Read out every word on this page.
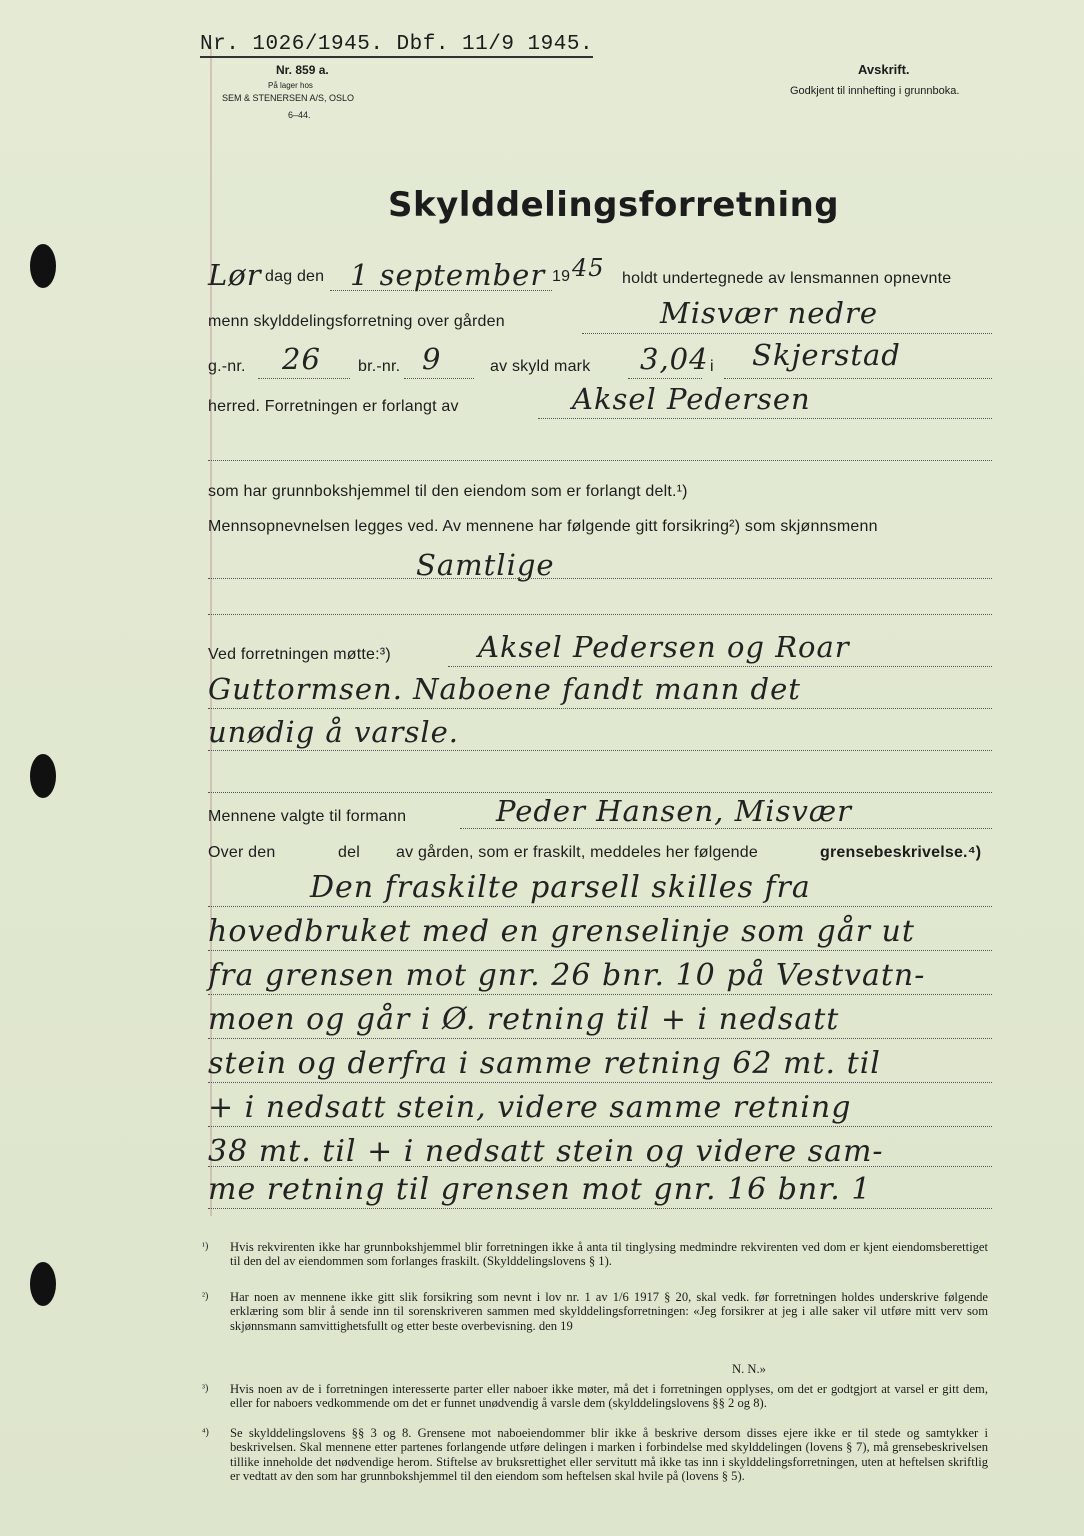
Nr. 1026/1945. Dbf. 11/9 1945.
Nr. 859 a.
På lager hos
SEM & STENERSEN A/S, OSLO
6–44.
Avskrift.
Godkjent til innhefting i grunnboka.
Skylddelingsforretning
Lør dag den 1 september 19 45 holdt undertegnede av lensmannen opnevnte
menn skylddelingsforretning over gården	Misvær nedre
g.-nr. 26 br.-nr. 9	av skyld mark 3,04 i Skjerstad
herred. Forretningen er forlangt av	Aksel Pedersen
som har grunnbokshjemmel til den eiendom som er forlangt delt.¹)
Mennsopnevnelsen legges ved. Av mennene har følgende gitt forsikring²) som skjønnsmenn
Samtlige
Ved forretningen møtte:³)	Aksel Pedersen og Roar
Guttormsen. Naboene fandt mann det
unødig å varsle.
Mennene valgte til formann	Peder Hansen, Misvær
Over den	del av gården, som er fraskilt, meddeles her følgende	grensebeskrivelse.⁴)
Den fraskilte parsell skilles fra
hovedbruket med en grenselinje som går ut
fra grensen mot gnr. 26 bnr. 10 på Vestvatn-
moen og går i Ø. retning til + i nedsatt
stein og derfra i samme retning 62 mt. til
+ i nedsatt stein, videre samme retning
38 mt. til + i nedsatt stein og videre sam-
me retning til grensen mot gnr. 16 bnr. 1
¹) Hvis rekvirenten ikke har grunnbokshjemmel blir forretningen ikke å anta til tinglysing medmindre rekvirenten ved dom er kjent eiendomsberettiget til den del av eiendommen som forlanges fraskilt. (Skylddelingslovens § 1).
²) Har noen av mennene ikke gitt slik forsikring som nevnt i lov nr. 1 av 1/6 1917 § 20, skal vedk. før forretningen holdes underskrive følgende erklæring som blir å sende inn til sorenskriveren sammen med skylddelingsforretningen: «Jeg forsikrer at jeg i alle saker vil utføre mitt verv som skjønnsmann samvittighetsfullt og etter beste overbevisning. den 19
N. N.»
³) Hvis noen av de i forretningen interesserte parter eller naboer ikke møter, må det i forretningen opplyses, om det er godtgjort at varsel er gitt dem, eller for naboers vedkommende om det er funnet unødvendig å varsle dem (skylddelingslovens §§ 2 og 8).
⁴) Se skylddelingslovens §§ 3 og 8. Grensene mot naboeiendommer blir ikke å beskrive dersom disses ejere ikke er til stede og samtykker i beskrivelsen. Skal mennene etter partenes forlangende utføre delingen i marken i forbindelse med skylddelingen (lovens § 7), må grensebeskrivelsen tillike inneholde det nødvendige herom. Stiftelse av bruksrettighet eller servitutt må ikke tas inn i skylddelingsforretningen, uten at heftelsen skriftlig er vedtatt av den som har grunnbokshjemmel til den eiendom som heftelsen skal hvile på (lovens § 5).
